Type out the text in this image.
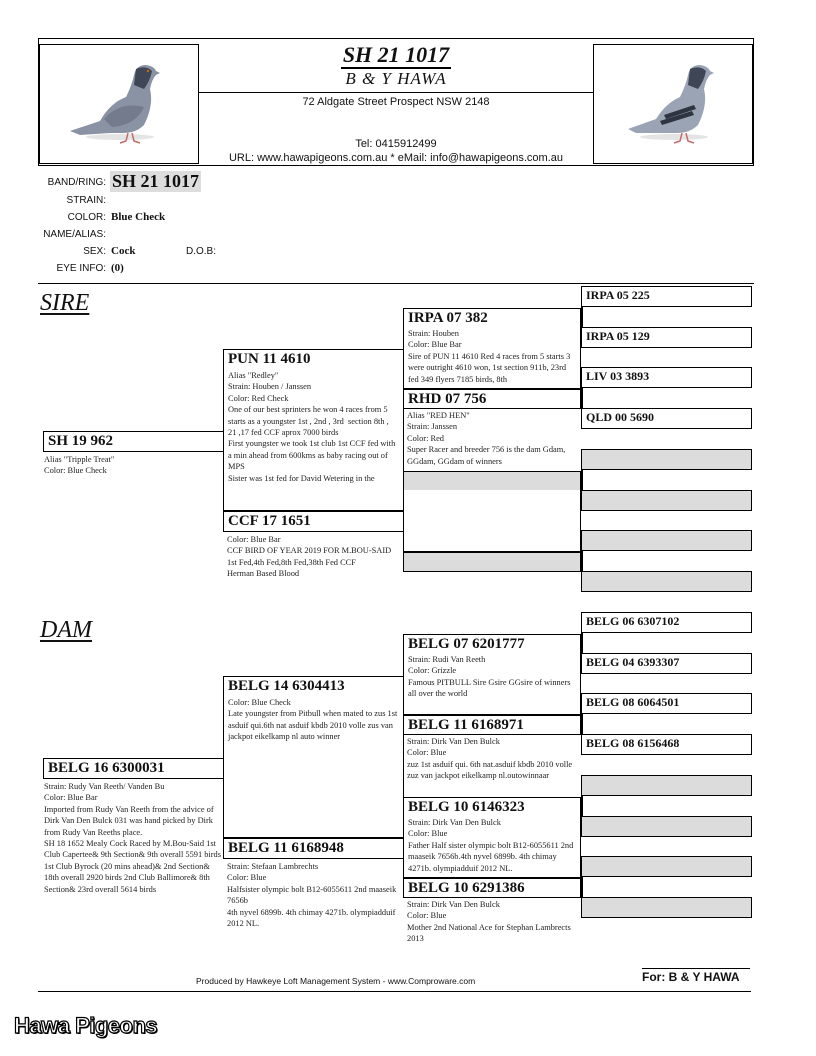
SH 21 1017
B & Y HAWA
72 Aldgate Street Prospect NSW 2148
Tel: 0415912499
URL: www.hawapigeons.com.au * eMail: info@hawapigeons.com.au
BAND/RING: SH 21 1017
STRAIN:
COLOR: Blue Check
NAME/ALIAS:
SEX: Cock	D.O.B:
EYE INFO: (0)
SIRE
SH 19 962
Alias "Tripple Treat"
Color: Blue Check
PUN 11 4610
Alias "Redley"
Strain: Houben / Janssen
Color: Red Check
One of our best sprinters he won 4 races from 5 starts as a youngster 1st , 2nd , 3rd  section 8th , 21 ,17 fed CCF aprox 7000 birds
First youngster we took 1st club 1st CCF fed with a min ahead from 600kms as baby racing out of MPS
Sister was 1st fed for David Wetering in the
CCF 17 1651
Color: Blue Bar
CCF BIRD OF YEAR 2019 FOR M.BOU-SAID
1st Fed,4th Fed,8th Fed,38th Fed CCF
Herman Based Blood
IRPA 07 382
Strain: Houben
Color: Blue Bar
Sire of PUN 11 4610 Red 4 races from 5 starts 3 were outright 4610 won, 1st section 911b, 23rd fed 349 flyers 7185 birds, 8th
RHD 07 756
Alias "RED HEN"
Strain: Janssen
Color: Red
Super Racer and breeder 756 is the dam Gdam, GGdam, GGdam of winners
IRPA 05 225
IRPA 05 129
LIV 03 3893
QLD 00 5690
DAM
BELG 16 6300031
Strain: Rudy Van Reeth/ Vanden Bu
Color: Blue Bar
Imported from Rudy Van Reeth from the advice of Dirk Van Den Bulck 031 was hand picked by Dirk from Rudy Van Reeths place.
SH 18 1652 Mealy Cock Raced by M.Bou-Said 1st Club Capertee& 9th Section& 9th overall 5591 birds 1st Club Byrock (20 mins ahead)& 2nd Section& 18th overall 2920 birds 2nd Club Ballimore& 8th Section& 23rd overall 5614 birds
BELG 14 6304413
Color: Blue Check
Late youngster from Pitbull when mated to zus 1st asduif qui.6th nat asduif kbdb 2010 volle zus van jackpot eikelkamp nl auto winner
BELG 11 6168948
Strain: Stefaan Lambrechts
Color: Blue
Halfsister olympic bolt B12-6055611 2nd maaseik 7656b
4th nyvel 6899b. 4th chimay 4271b. olympiadduif 2012 NL.
BELG 07 6201777
Strain: Rudi Van Reeth
Color: Grizzle
Famous PITBULL Sire Gsire GGsire of winners all over the world
BELG 11 6168971
Strain: Dirk Van Den Bulck
Color: Blue
zuz 1st asduif qui. 6th nat.asduif kbdb 2010 volle zuz van jackpot eikelkamp nl.outowinnaar
BELG 10 6146323
Strain: Dirk Van Den Bulck
Color: Blue
Father Half sister olympic bolt B12-6055611 2nd maaseik 7656b.4th nyvel 6899b. 4th chimay 4271b. olympiadduif 2012 NL.
BELG 10 6291386
Strain: Dirk Van Den Bulck
Color: Blue
Mother 2nd National Ace for Stephan Lambrects 2013
BELG 06 6307102
BELG 04 6393307
BELG 08 6064501
BELG 08 6156468
Produced by Hawkeye Loft Management System - www.Comproware.com	For: B & Y HAWA
Hawa Pigeons
